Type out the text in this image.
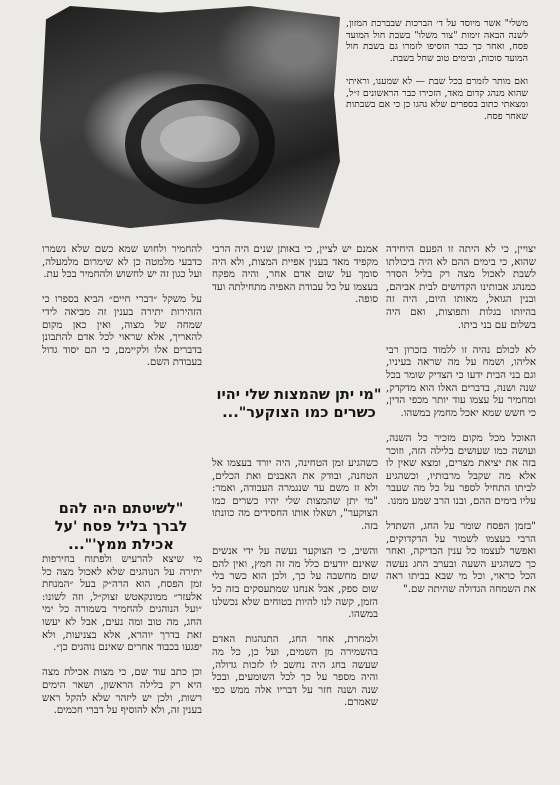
משלי" אשר מיוסד על ד׳ הברכות שבברכת המזון, לשנה הבאה זימות "צור משלו" בשבת חול המועד פסח, ואחר כך כבר הוסיפו לזמרו גם בשבת חול המועד סוכות, ובימים טוב שחל בשבת.

ואם מותר לזמרם בכל שבת — לא שמענו, וראיתי שהוא מנהג קדום מאד, הזכירו כבר הראשונים ז״ל, ומצאתי כתוב בספרים שלא נהגו כן כי אם בשבתות שאחר פסח.
יצויין, כי לא היתה זו הפעם היחידה שהוא, כי בימים ההם לא היה ביכולתו לשבת לאכול מצה רק בליל הסדר כמנהג אבותינו הקדושים לבית אביהם, ובנין הגואל, מאותו היום, היה זה בהיותו בגלות ותפוצות, ואם היה בשלום עם בני ביתו.

לא לכולם נהיה זו ללמוד בזכרון רבי אליהו, ושמח על מה שראה בעיניו, וגם בני הבית ידעו כי הצדיק שומר בכל שנה ושנה, בדברים האלו הוא מדקדק, ומחמיר על עצמו עוד יותר מכפי הדין, כי חשש שמא יאכל מחמץ במשהו.

האוכל מכל מקום מזכיר כל השנה, ועושה כמו שעושים בלילה הזה, וזוכר בזה את יציאת מצרים, ומצא שאין לו אלא מה שקבל מרבותיו, וכשהגיע לביתו התחיל לספר על כל מה שעבר עליו בימים ההם, ובנו הרב שמע ממנו.

"בזמן הפסח שומר על החג, השתדל הרבי בעצמו לשמור על הדקדוקים, ואפשר לעצמו כל ענין הבדיקה, ואחר כך כשהגיע השעה ובערב החג נעשה הכל כראוי, וכל מי שבא בביתו ראה את השמחה הגדולה שהיתה שם."
"מי יתן שהמצות שלי יהיו כשרים כמו הצוקער"...
אמנם יש לציין, כי באותן שנים היה הרבי מקפיד מאד בענין אפיית המצות, ולא היה סומך על שום אדם אחר, והיה מפקח בעצמו על כל עבודת האפיה מתחילתה ועד סופה.
כשהגיע זמן הטחינה, היה יורד בעצמו אל הטחנה, ובודק את האבנים ואת הכלים, ולא זז משם עד שנגמרה העבודה, ואמר: "מי יתן שהמצות שלי יהיו כשרים כמו הצוקער", ושאלו אותו החסידים מה כוונתו בזה.

והשיב, כי הצוקער נעשה על ידי אנשים שאינם יודעים כלל מה זה חמץ, ואין להם שום מחשבה על כך, ולכן הוא כשר בלי שום ספק, אבל אנחנו שמתעסקים בזה כל הזמן, קשה לנו להיות בטוחים שלא נכשלנו במשהו.

ולמחרת, אחר החג, התנהגות האדם בהשמירה מן השמים, ועל כן, כל מה שעשה בחג היה נחשב לו לזכות גדולה, והיה מספר על כך לכל השומעים, ובכל שנה ושנה חזר על דבריו אלה ממש כפי שאמרם.
להחמיר ולחוש שמא כשם שלא נשמרו כדבעי מלמטה כן לא שימרום מלמעלה, ועל כגון זה יש לחשוש ולהחמיר בכל עת.

על משקל ״דברי חיים״ הביא בספרו כי הזהירות יתירה בענין זה מביאה לידי שמחה של מצוה, ואין כאן מקום להאריך, אלא שראוי לכל אדם להתבונן בדברים אלו ולקיימם, כי הם יסוד גדול בעבודת השם.
"לשיטתם היה להם לברך בליל פסח 'על אכילת ממץ'"...
מי שיצא להרעיש ולפתוח בחירפות יתירה על הנוהגים שלא לאכול מצה כל זמן הפסח, הוא הרה״ק בעל ״המנחת אלעזר״ ממונקאטש זצוק״ל, וזה לשונו: ״ועל הנוהגים להחמיר בשמורה כל ימי החג, מה טוב ומה נעים, אבל לא יעשו זאת בדרך יוהרא, אלא בצניעות, ולא יפגעו בכבוד אחרים שאינם נוהגים כן״.

וכן כתב עוד שם, כי מצות אכילת מצה היא רק בלילה הראשון, ושאר הימים רשות, ולכן יש ליזהר שלא להקל ראש בענין זה, ולא להוסיף על דברי חכמים.
